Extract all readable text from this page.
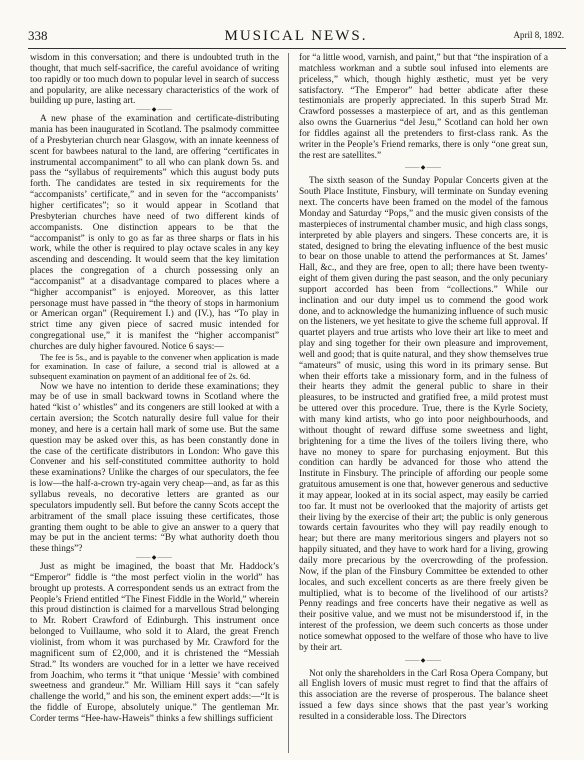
338	MUSICAL NEWS.	April 8, 1892.

wisdom in this conversation; and there is undoubted truth in the thought, that much self-sacrifice, the careful avoidance of writing too rapidly or too much down to popular level in search of success and popularity, are alike necessary characteristics of the work of building up pure, lasting art.

⸻◆⸻

A new phase of the examination and certificate-distributing mania has been inaugurated in Scotland. The psalmody committee of a Presbyterian church near Glasgow, with an innate keenness of scent for bawbees natural to the land, are offering “certificates in instrumental accompaniment” to all who can plank down 5s. and pass the “syllabus of requirements” which this august body puts forth. The candidates are tested in six requirements for the “accompanists’ certificate,” and in seven for the “accompanists’ higher certificates”; so it would appear in Scotland that Presbyterian churches have need of two different kinds of accompanists. One distinction appears to be that the “accompanist” is only to go as far as three sharps or flats in his work, while the other is required to play octave scales in any key ascending and descending. It would seem that the key limitation places the congregation of a church possessing only an “accompanist” at a disadvantage compared to places where a “higher accompanist” is enjoyed. Moreover, as this latter personage must have passed in “the theory of stops in harmonium or American organ” (Requirement I.) and (IV.), has “To play in strict time any given piece of sacred music intended for congregational use,” it is manifest the “higher accompanist” churches are duly higher favoured. Notice 6 says:—

The fee is 5s., and is payable to the convener when application is made for examination. In case of failure, a second trial is allowed at a subsequent examination on payment of an additional fee of 2s. 6d.

Now we have no intention to deride these examinations; they may be of use in small backward towns in Scotland where the hated “kist o’ whistles” and its congeners are still looked at with a certain aversion; the Scotch naturally desire full value for their money, and here is a certain hall mark of some use. But the same question may be asked over this, as has been constantly done in the case of the certificate distributors in London: Who gave this Convener and his self-constituted committee authority to hold these examinations? Unlike the charges of our speculators, the fee is low—the half-a-crown try-again very cheap—and, as far as this syllabus reveals, no decorative letters are granted as our speculators impudently sell. But before the canny Scots accept the arbitrament of the small place issuing these certificates, those granting them ought to be able to give an answer to a query that may be put in the ancient terms: “By what authority doeth thou these things”?

⸻◆⸻

Just as might be imagined, the boast that Mr. Haddock’s “Emperor” fiddle is “the most perfect violin in the world” has brought up protests. A correspondent sends us an extract from the People’s Friend entitled “The Finest Fiddle in the World,” wherein this proud distinction is claimed for a marvellous Strad belonging to Mr. Robert Crawford of Edinburgh. This instrument once belonged to Vuillaume, who sold it to Alard, the great French violinist, from whom it was purchased by Mr. Crawford for the magnificent sum of £2,000, and it is christened the “Messiah Strad.” Its wonders are vouched for in a letter we have received from Joachim, who terms it “that unique ‘Messie’ with combined sweetness and grandeur.” Mr. William Hill says it “can safely challenge the world,” and his son, the eminent expert adds:—“It is the fiddle of Europe, absolutely unique.” The gentleman Mr. Corder terms “Hee-haw-Haweis” thinks a few shillings sufficient

for “a little wood, varnish, and paint,” but that “the inspiration of a matchless workman and a subtle soul infused into elements are priceless,” which, though highly æsthetic, must yet be very satisfactory. “The Emperor” had better abdicate after these testimonials are properly appreciated. In this superb Strad Mr. Crawford possesses a masterpiece of art, and as this gentleman also owns the Guarnerius “del Jesu,” Scotland can hold her own for fiddles against all the pretenders to first-class rank. As the writer in the People’s Friend remarks, there is only “one great sun, the rest are satellites.”

⸻◆⸻

The sixth season of the Sunday Popular Concerts given at the South Place Institute, Finsbury, will terminate on Sunday evening next. The concerts have been framed on the model of the famous Monday and Saturday “Pops,” and the music given consists of the masterpieces of instrumental chamber music, and high class songs, interpreted by able players and singers. These concerts are, it is stated, designed to bring the elevating influence of the best music to bear on those unable to attend the performances at St. James’ Hall, &c., and they are free, open to all; there have been twenty-eight of them given during the past season, and the only pecuniary support accorded has been from “collections.” While our inclination and our duty impel us to commend the good work done, and to acknowledge the humanizing influence of such music on the listeners, we yet hesitate to give the scheme full approval. If quartet players and true artists who love their art like to meet and play and sing together for their own pleasure and improvement, well and good; that is quite natural, and they show themselves true “amateurs” of music, using this word in its primary sense. But when their efforts take a missionary form, and in the fulness of their hearts they admit the general public to share in their pleasures, to be instructed and gratified free, a mild protest must be uttered over this procedure. True, there is the Kyrle Society, with many kind artists, who go into poor neighbourhoods, and without thought of reward diffuse some sweetness and light, brightening for a time the lives of the toilers living there, who have no money to spare for purchasing enjoyment. But this condition can hardly be advanced for those who attend the Institute in Finsbury. The principle of affording our people some gratuitous amusement is one that, however generous and seductive it may appear, looked at in its social aspect, may easily be carried too far. It must not be overlooked that the majority of artists get their living by the exercise of their art; the public is only generous towards certain favourites who they will pay readily enough to hear; but there are many meritorious singers and players not so happily situated, and they have to work hard for a living, growing daily more precarious by the overcrowding of the profession. Now, if the plan of the Finsbury Committee be extended to other locales, and such excellent concerts as are there freely given be multiplied, what is to become of the livelihood of our artists? Penny readings and free concerts have their negative as well as their positive value, and we must not be misunderstood if, in the interest of the profession, we deem such concerts as those under notice somewhat opposed to the welfare of those who have to live by their art.

⸻◆⸻

Not only the shareholders in the Carl Rosa Opera Company, but all English lovers of music must regret to find that the affairs of this association are the reverse of prosperous. The balance sheet issued a few days since shows that the past year’s working resulted in a considerable loss. The Directors
